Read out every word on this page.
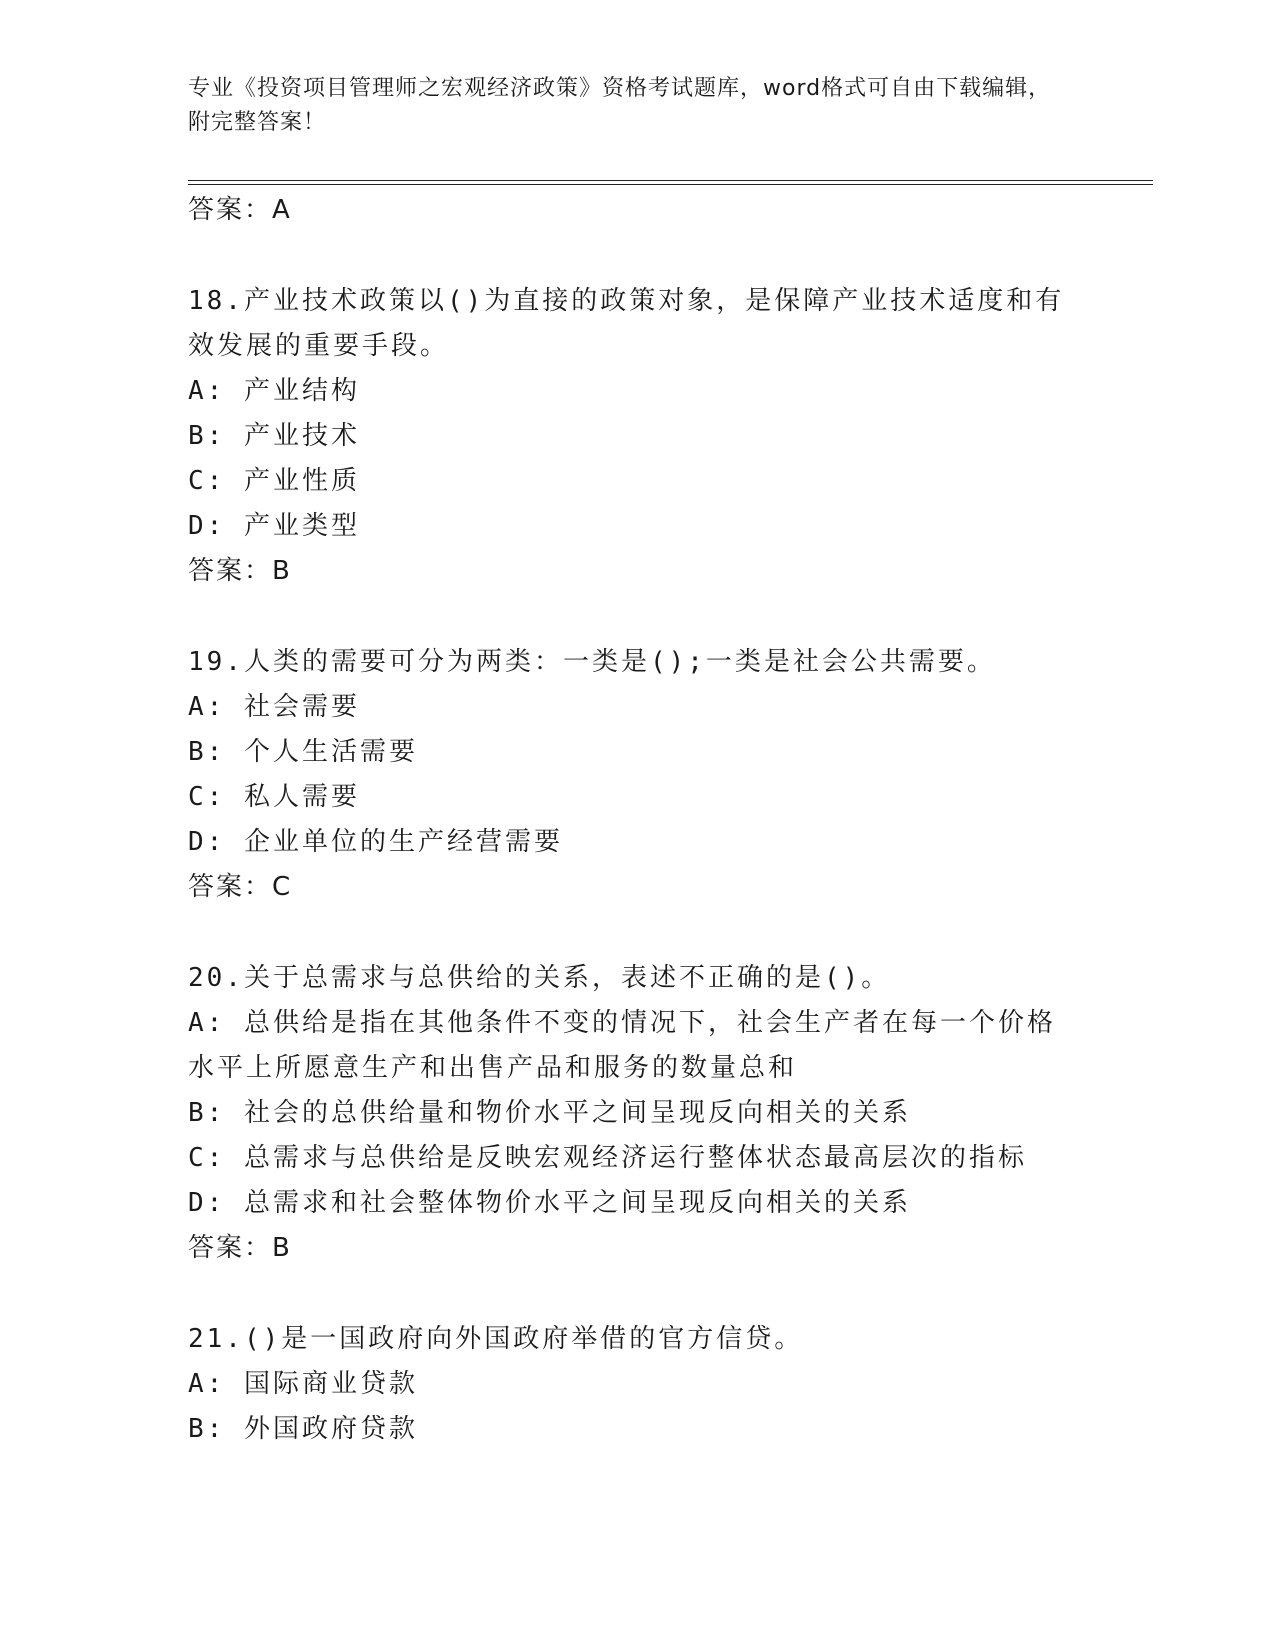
专业《投资项目管理师之宏观经济政策》资格考试题库，word格式可自由下载编辑，附完整答案！
答案：A
18.产业技术政策以()为直接的政策对象，是保障产业技术适度和有效发展的重要手段。
A: 产业结构
B: 产业技术
C: 产业性质
D: 产业类型
答案：B
19.人类的需要可分为两类：一类是();一类是社会公共需要。
A: 社会需要
B: 个人生活需要
C: 私人需要
D: 企业单位的生产经营需要
答案：C
20.关于总需求与总供给的关系，表述不正确的是()。
A: 总供给是指在其他条件不变的情况下，社会生产者在每一个价格水平上所愿意生产和出售产品和服务的数量总和
B: 社会的总供给量和物价水平之间呈现反向相关的关系
C: 总需求与总供给是反映宏观经济运行整体状态最高层次的指标
D: 总需求和社会整体物价水平之间呈现反向相关的关系
答案：B
21.()是一国政府向外国政府举借的官方信贷。
A: 国际商业贷款
B: 外国政府贷款
